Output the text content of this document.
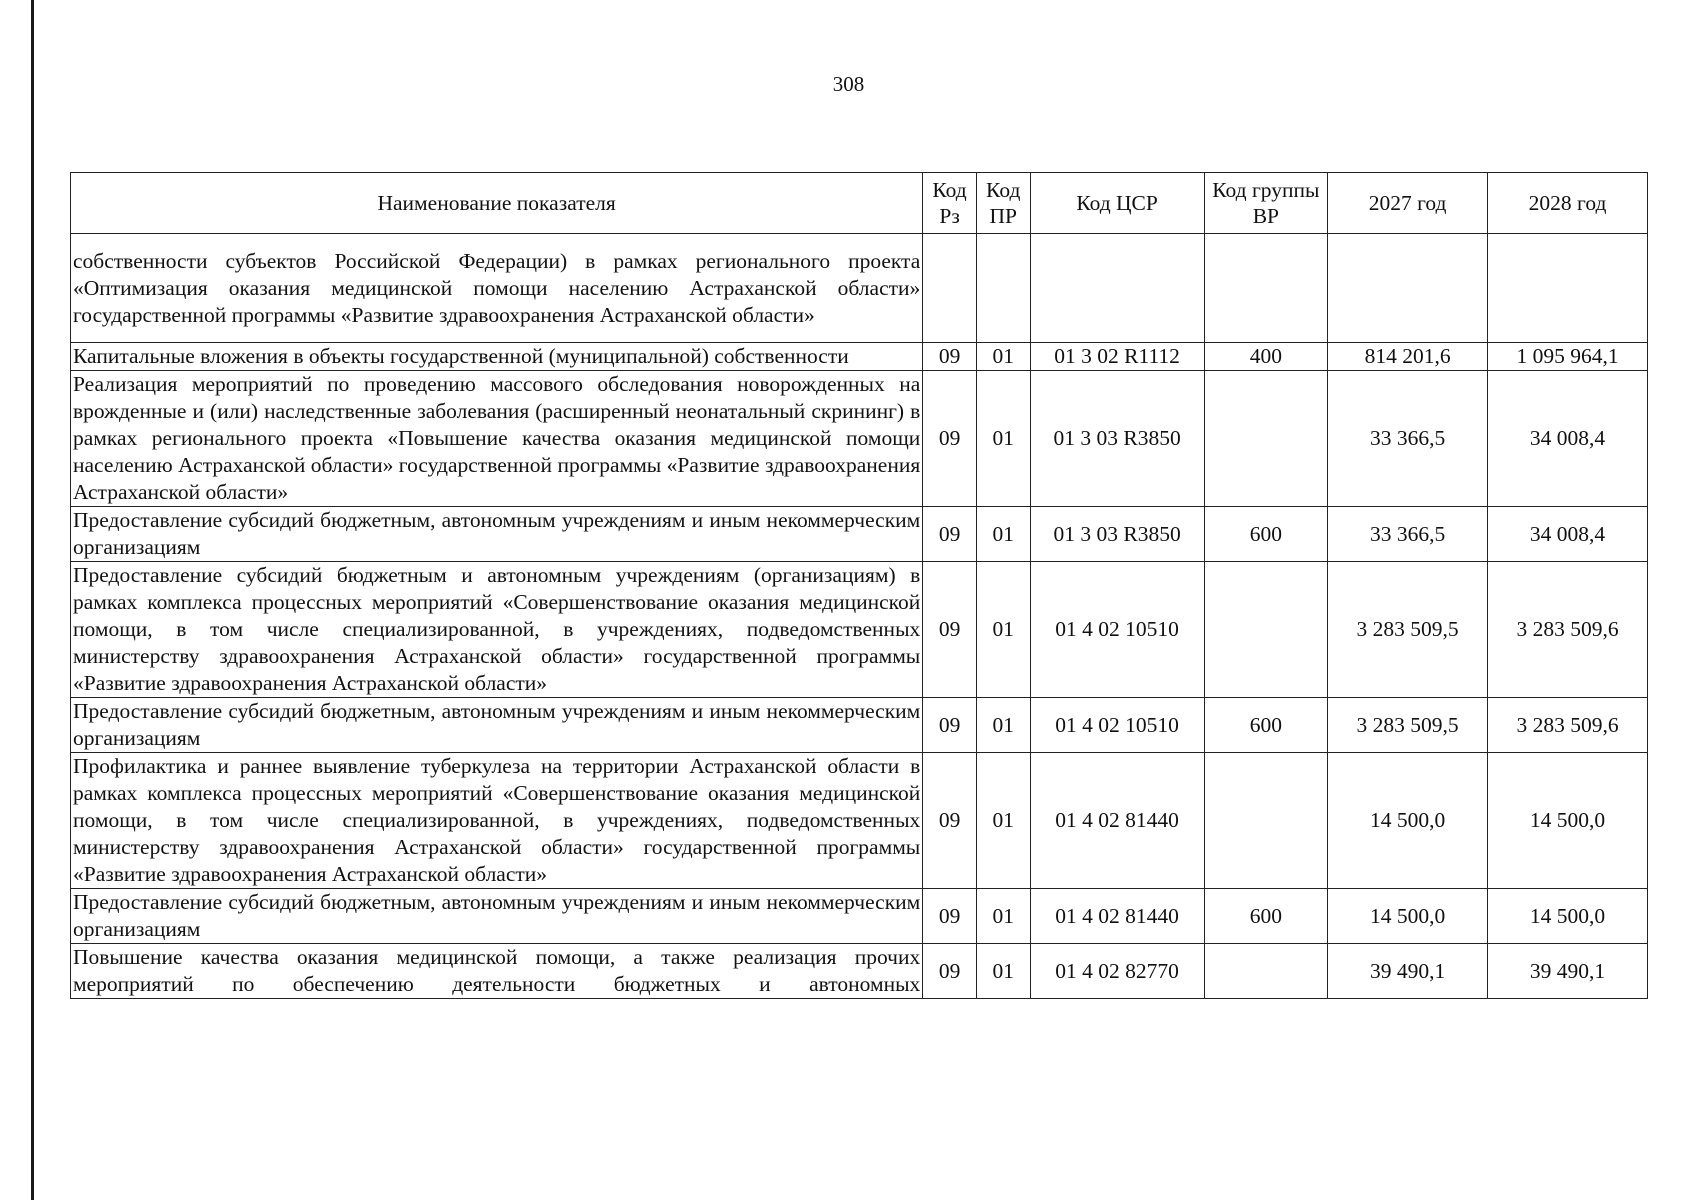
308
Наименование показателя	Код Рз	Код ПР	Код ЦСР	Код группы ВР	2027 год	2028 год
собственности субъектов Российской Федерации) в рамках регионального проекта «Оптимизация оказания медицинской помощи населению Астраханской области» государственной программы «Развитие здравоохранения Астраханской области»						
Капитальные вложения в объекты государственной (муниципальной) собственности	09	01	01 3 02 R1112	400	814 201,6	1 095 964,1
Реализация мероприятий по проведению массового обследования новорожденных на врожденные и (или) наследственные заболевания (расширенный неонатальный скрининг) в рамках регионального проекта «Повышение качества оказания медицинской помощи населению Астраханской области» государственной программы «Развитие здравоохранения Астраханской области»	09	01	01 3 03 R3850		33 366,5	34 008,4
Предоставление субсидий бюджетным, автономным учреждениям и иным некоммерческим организациям	09	01	01 3 03 R3850	600	33 366,5	34 008,4
Предоставление субсидий бюджетным и автономным учреждениям (организациям) в рамках комплекса процессных мероприятий «Совершенствование оказания медицинской помощи, в том числе специализированной, в учреждениях, подведомственных министерству здравоохранения Астраханской области» государственной программы «Развитие здравоохранения Астраханской области»	09	01	01 4 02 10510		3 283 509,5	3 283 509,6
Предоставление субсидий бюджетным, автономным учреждениям и иным некоммерческим организациям	09	01	01 4 02 10510	600	3 283 509,5	3 283 509,6
Профилактика и раннее выявление туберкулеза на территории Астраханской области в рамках комплекса процессных мероприятий «Совершенствование оказания медицинской помощи, в том числе специализированной, в учреждениях, подведомственных министерству здравоохранения Астраханской области» государственной программы «Развитие здравоохранения Астраханской области»	09	01	01 4 02 81440		14 500,0	14 500,0
Предоставление субсидий бюджетным, автономным учреждениям и иным некоммерческим организациям	09	01	01 4 02 81440	600	14 500,0	14 500,0
Повышение качества оказания медицинской помощи, а также реализация прочих мероприятий по обеспечению деятельности бюджетных и автономных	09	01	01 4 02 82770		39 490,1	39 490,1
